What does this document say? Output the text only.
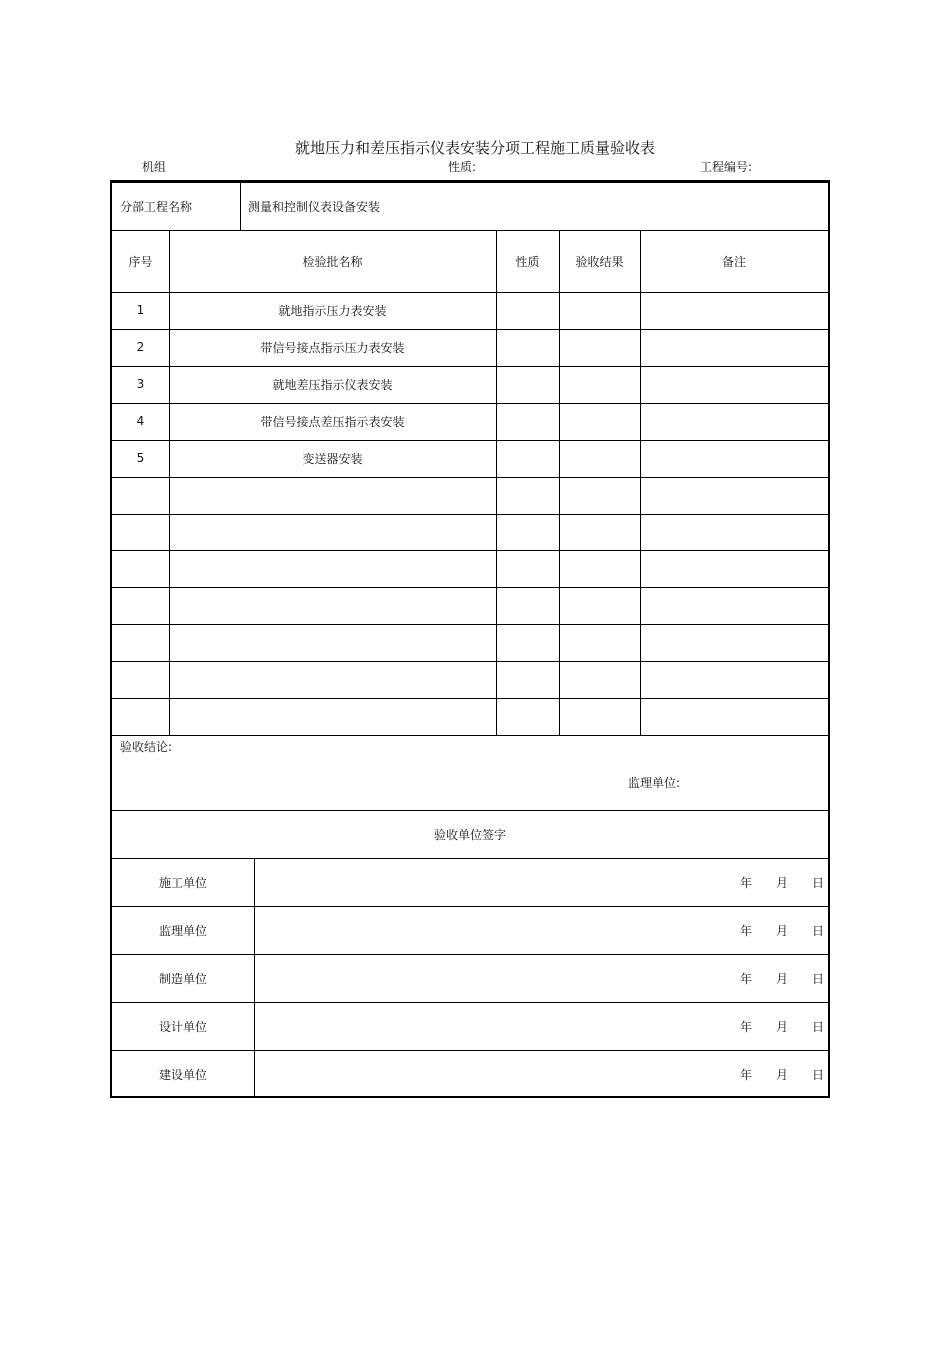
就地压力和差压指示仪表安装分项工程施工质量验收表
机组	性质:	工程编号:
分部工程名称	测量和控制仪表设备安装
序号	检验批名称	性质	验收结果	备注
1	就地指示压力表安装
2	带信号接点指示压力表安装
3	就地差压指示仪表安装
4	带信号接点差压指示表安装
5	变送器安装
验收结论:
监理单位:
验收单位签字
施工单位	年 月 日
监理单位	年 月 日
制造单位	年 月 日
设计单位	年 月 日
建设单位	年 月 日
